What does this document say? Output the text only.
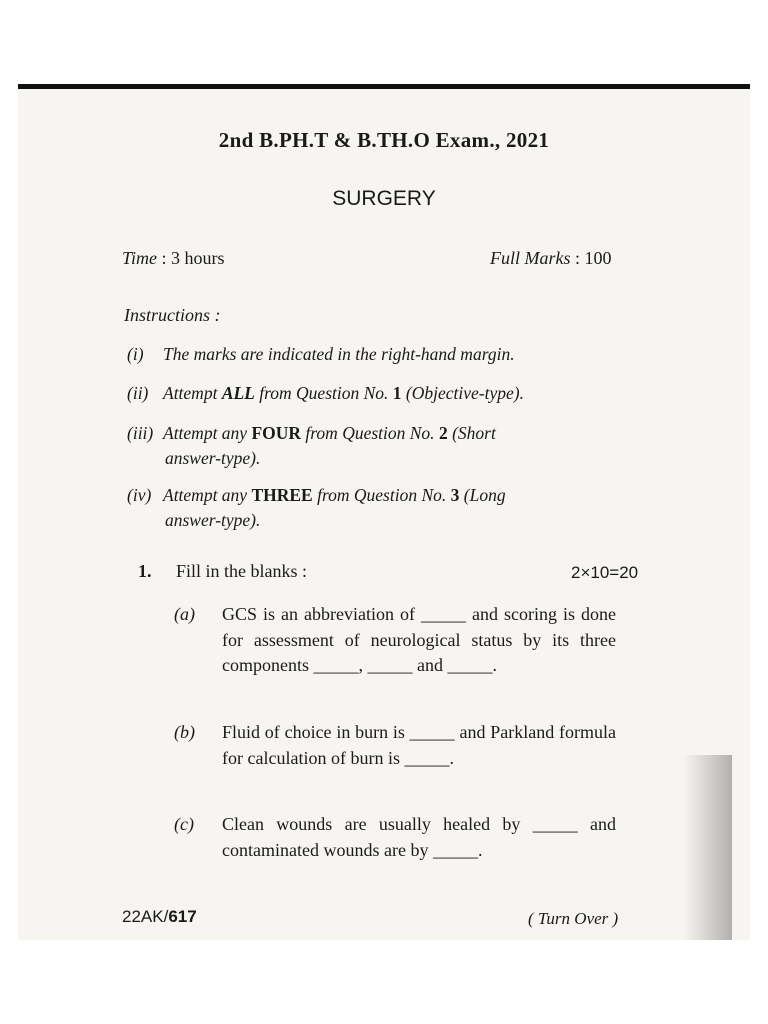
2nd B.PH.T & B.TH.O Exam., 2021
SURGERY
Time : 3 hours	Full Marks : 100
Instructions :
(i) The marks are indicated in the right-hand margin.
(ii) Attempt ALL from Question No. 1 (Objective-type).
(iii) Attempt any FOUR from Question No. 2 (Short
answer-type).
(iv) Attempt any THREE from Question No. 3 (Long
answer-type).
1. Fill in the blanks :	2×10=20
(a) GCS is an abbreviation of _____ and scoring is done for assessment of neurological status by its three components _____, _____ and _____.
(b) Fluid of choice in burn is _____ and Parkland formula for calculation of burn is _____.
(c) Clean wounds are usually healed by _____ and contaminated wounds are by _____.
22AK/617	( Turn Over )
